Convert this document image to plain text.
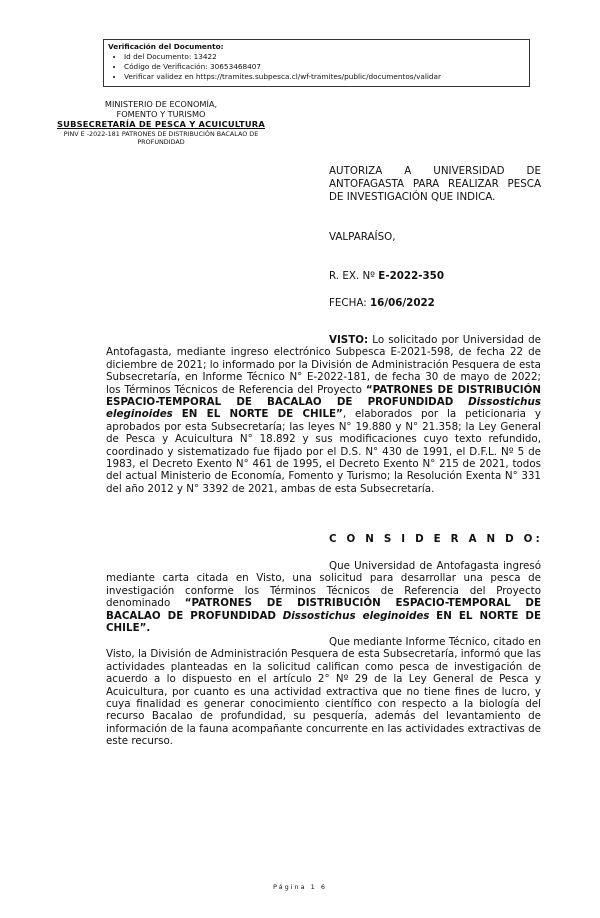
Verificación del Documento:
• Id del Documento: 13422
• Código de Verificación: 30653468407
• Verificar validez en https://tramites.subpesca.cl/wf-tramites/public/documentos/validar
MINISTERIO DE ECONOMÍA,
FOMENTO Y TURISMO
SUBSECRETARÍA DE PESCA Y ACUICULTURA
PINV E -2022-181 PATRONES DE DISTRIBUCIÓN BACALAO DE
PROFUNDIDAD
AUTORIZA A UNIVERSIDAD DE ANTOFAGASTA PARA REALIZAR PESCA DE INVESTIGACIÓN QUE INDICA.
VALPARAÍSO,
R. EX. Nº E-2022-350
FECHA: 16/06/2022
VISTO: Lo solicitado por Universidad de Antofagasta, mediante ingreso electrónico Subpesca E-2021-598, de fecha 22 de diciembre de 2021; lo informado por la División de Administración Pesquera de esta Subsecretaría, en Informe Técnico N° E-2022-181, de fecha 30 de mayo de 2022; los Términos Técnicos de Referencia del Proyecto “PATRONES DE DISTRIBUCIÓN ESPACIO-TEMPORAL DE BACALAO DE PROFUNDIDAD Dissostichus eleginoides EN EL NORTE DE CHILE”, elaborados por la peticionaria y aprobados por esta Subsecretaría; las leyes N° 19.880 y N° 21.358; la Ley General de Pesca y Acuicultura N° 18.892 y sus modificaciones cuyo texto refundido, coordinado y sistematizado fue fijado por el D.S. N° 430 de 1991, el D.F.L. Nº 5 de 1983, el Decreto Exento N° 461 de 1995, el Decreto Exento N° 215 de 2021, todos del actual Ministerio de Economía, Fomento y Turismo; la Resolución Exenta N° 331 del año 2012 y N° 3392 de 2021, ambas de esta Subsecretaría.
C O N S I D E R A N D O:
Que Universidad de Antofagasta ingresó mediante carta citada en Visto, una solicitud para desarrollar una pesca de investigación conforme los Términos Técnicos de Referencia del Proyecto denominado “PATRONES DE DISTRIBUCIÓN ESPACIO-TEMPORAL DE BACALAO DE PROFUNDIDAD Dissostichus eleginoides EN EL NORTE DE CHILE”.
Que mediante Informe Técnico, citado en Visto, la División de Administración Pesquera de esta Subsecretaría, informó que las actividades planteadas en la solicitud califican como pesca de investigación de acuerdo a lo dispuesto en el artículo 2° Nº 29 de la Ley General de Pesca y Acuicultura, por cuanto es una actividad extractiva que no tiene fines de lucro, y cuya finalidad es generar conocimiento científico con respecto a la biología del recurso Bacalao de profundidad, su pesquería, además del levantamiento de información de la fauna acompañante concurrente en las actividades extractivas de este recurso.
Página 1 6
